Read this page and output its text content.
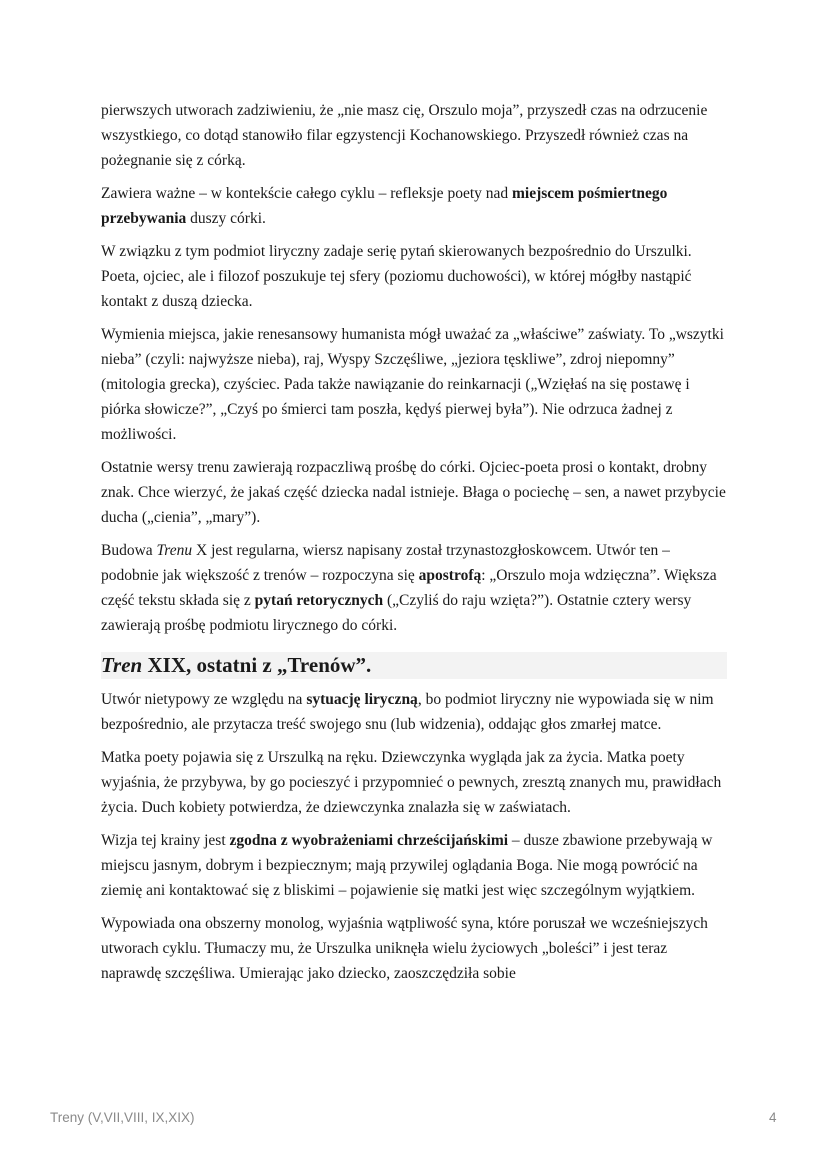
pierwszych utworach zadziwieniu, że „nie masz cię, Orszulo moja”, przyszedł czas na odrzucenie wszystkiego, co dotąd stanowiło filar egzystencji Kochanowskiego. Przyszedł również czas na pożegnanie się z córką.

Zawiera ważne – w kontekście całego cyklu – refleksje poety nad miejscem pośmiertnego przebywania duszy córki.

W związku z tym podmiot liryczny zadaje serię pytań skierowanych bezpośrednio do Urszulki. Poeta, ojciec, ale i filozof poszukuje tej sfery (poziomu duchowości), w której mógłby nastąpić kontakt z duszą dziecka.

Wymienia miejsca, jakie renesansowy humanista mógł uważać za „właściwe” zaświaty. To „wszytki nieba” (czyli: najwyższe nieba), raj, Wyspy Szczęśliwe, „jeziora tęskliwe”, zdroj niepomny” (mitologia grecka), czyściec. Pada także nawiązanie do reinkarnacji („Wzięłaś na się postawę i piórka słowicze?”, „Czyś po śmierci tam poszła, kędyś pierwej była”). Nie odrzuca żadnej z możliwości.

Ostatnie wersy trenu zawierają rozpaczliwą prośbę do córki. Ojciec-poeta prosi o kontakt, drobny znak. Chce wierzyć, że jakaś część dziecka nadal istnieje. Błaga o pociechę – sen, a nawet przybycie ducha („cienia”, „mary”).

Budowa Trenu X jest regularna, wiersz napisany został trzynastozgłoskowcem. Utwór ten – podobnie jak większość z trenów – rozpoczyna się apostrofą: „Orszulo moja wdzięczna”. Większa część tekstu składa się z pytań retorycznych („Czyliś do raju wzięta?”). Ostatnie cztery wersy zawierają prośbę podmiotu lirycznego do córki.

Tren XIX, ostatni z „Trenów”.

Utwór nietypowy ze względu na sytuację liryczną, bo podmiot liryczny nie wypowiada się w nim bezpośrednio, ale przytacza treść swojego snu (lub widzenia), oddając głos zmarłej matce.

Matka poety pojawia się z Urszulką na ręku. Dziewczynka wygląda jak za życia. Matka poety wyjaśnia, że przybywa, by go pocieszyć i przypomnieć o pewnych, zresztą znanych mu, prawidłach życia. Duch kobiety potwierdza, że dziewczynka znalazła się w zaświatach.

Wizja tej krainy jest zgodna z wyobrażeniami chrześcijańskimi – dusze zbawione przebywają w miejscu jasnym, dobrym i bezpiecznym; mają przywilej oglądania Boga. Nie mogą powrócić na ziemię ani kontaktować się z bliskimi – pojawienie się matki jest więc szczególnym wyjątkiem.

Wypowiada ona obszerny monolog, wyjaśnia wątpliwość syna, które poruszał we wcześniejszych utworach cyklu. Tłumaczy mu, że Urszulka uniknęła wielu życiowych „boleści” i jest teraz naprawdę szczęśliwa. Umierając jako dziecko, zaoszczędziła sobie

Treny (V,VII,VIII, IX,XIX)	4
